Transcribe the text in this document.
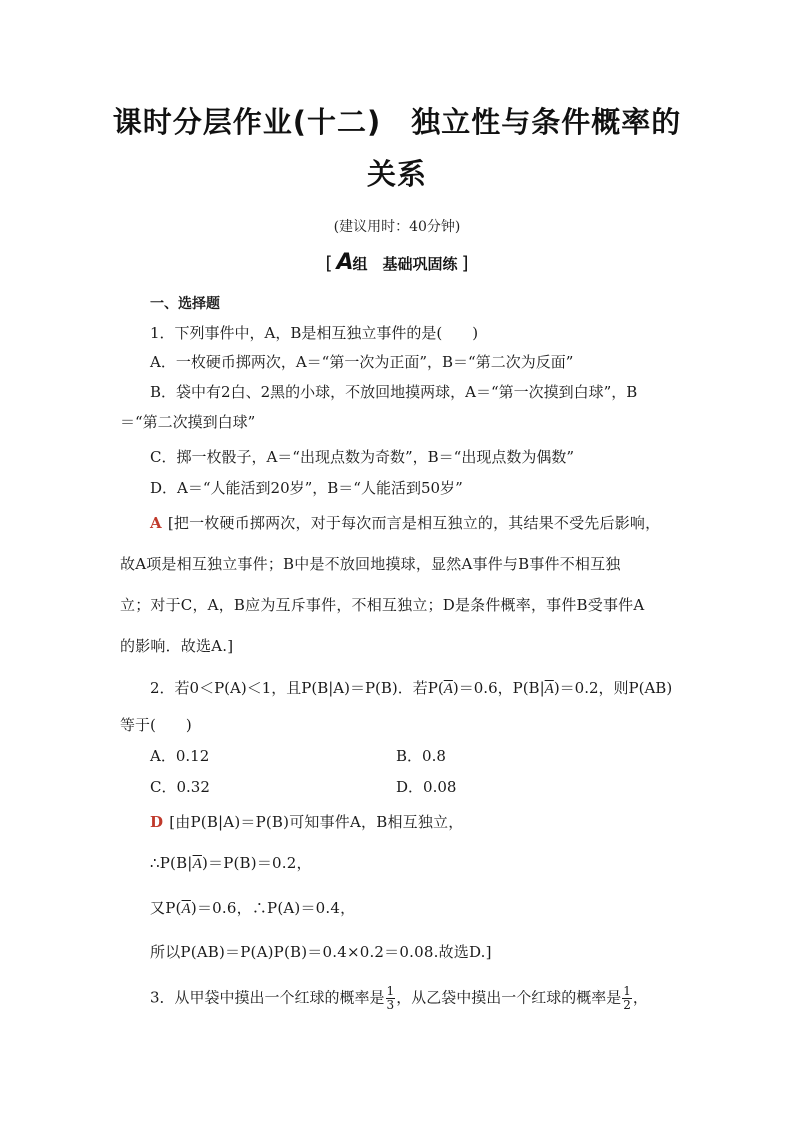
课时分层作业(十二) 独立性与条件概率的
关系
(建议用时：40分钟)
[ A组　基础巩固练 ]
一、选择题
1．下列事件中，A，B是相互独立事件的是(　　)
A．一枚硬币掷两次，A＝“第一次为正面”，B＝“第二次为反面”
B．袋中有2白、2黑的小球，不放回地摸两球，A＝“第一次摸到白球”，B
＝“第二次摸到白球”
C．掷一枚骰子，A＝“出现点数为奇数”，B＝“出现点数为偶数”
D．A＝“人能活到20岁”，B＝“人能活到50岁”
A [把一枚硬币掷两次，对于每次而言是相互独立的，其结果不受先后影响，
故A项是相互独立事件；B中是不放回地摸球，显然A事件与B事件不相互独
立；对于C，A，B应为互斥事件，不相互独立；D是条件概率，事件B受事件A
的影响．故选A.]
2．若0＜P(A)＜1，且P(B|A)＝P(B)．若$P(\overline{A})=0.6$，$P(B|\overline{A})=0.2$，则P(AB)
等于(　　)
A．0.12	B．0.8
C．0.32	D．0.08
D [由P(B|A)＝P(B)可知事件A，B相互独立，
$\therefore P(B|\overline{A})=P(B)=0.2$，
又$P(\overline{A})=0.6$，∴P(A)＝0.4，
所以P(AB)＝P(A)P(B)＝0.4×0.2＝0.08.故选D.]
3．从甲袋中摸出一个红球的概率是 $\frac{1}{3}$ ，从乙袋中摸出一个红球的概率是 $\frac{1}{2}$ ，
